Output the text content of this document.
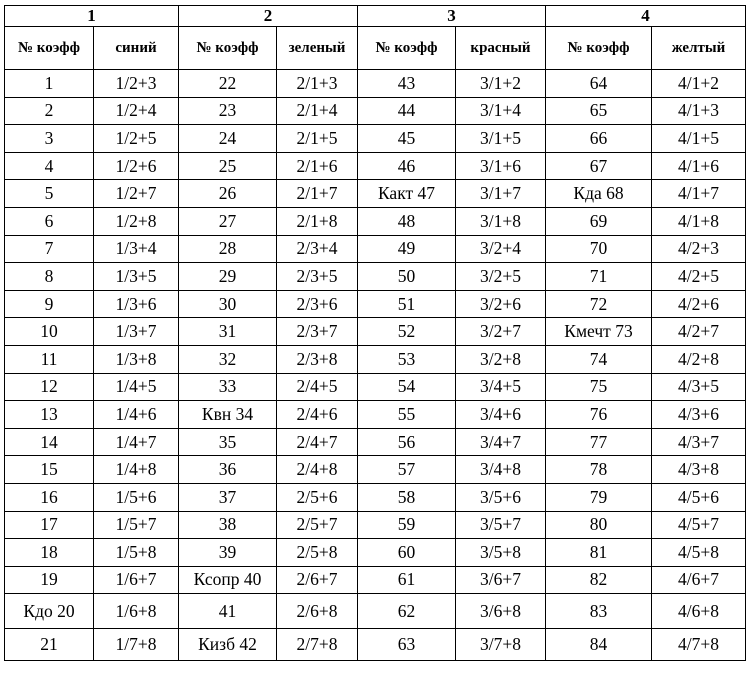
1		2		3		4	
№ коэфф	синий	№ коэфф	зеленый	№ коэфф	красный	№ коэфф	желтый
1	1/2+3	22	2/1+3	43	3/1+2	64	4/1+2
2	1/2+4	23	2/1+4	44	3/1+4	65	4/1+3
3	1/2+5	24	2/1+5	45	3/1+5	66	4/1+5
4	1/2+6	25	2/1+6	46	3/1+6	67	4/1+6
5	1/2+7	26	2/1+7	Какт 47	3/1+7	Кда 68	4/1+7
6	1/2+8	27	2/1+8	48	3/1+8	69	4/1+8
7	1/3+4	28	2/3+4	49	3/2+4	70	4/2+3
8	1/3+5	29	2/3+5	50	3/2+5	71	4/2+5
9	1/3+6	30	2/3+6	51	3/2+6	72	4/2+6
10	1/3+7	31	2/3+7	52	3/2+7	Кмечт 73	4/2+7
11	1/3+8	32	2/3+8	53	3/2+8	74	4/2+8
12	1/4+5	33	2/4+5	54	3/4+5	75	4/3+5
13	1/4+6	Квн 34	2/4+6	55	3/4+6	76	4/3+6
14	1/4+7	35	2/4+7	56	3/4+7	77	4/3+7
15	1/4+8	36	2/4+8	57	3/4+8	78	4/3+8
16	1/5+6	37	2/5+6	58	3/5+6	79	4/5+6
17	1/5+7	38	2/5+7	59	3/5+7	80	4/5+7
18	1/5+8	39	2/5+8	60	3/5+8	81	4/5+8
19	1/6+7	Ксопр 40	2/6+7	61	3/6+7	82	4/6+7
Кдо 20	1/6+8	41	2/6+8	62	3/6+8	83	4/6+8
21	1/7+8	Кизб 42	2/7+8	63	3/7+8	84	4/7+8
